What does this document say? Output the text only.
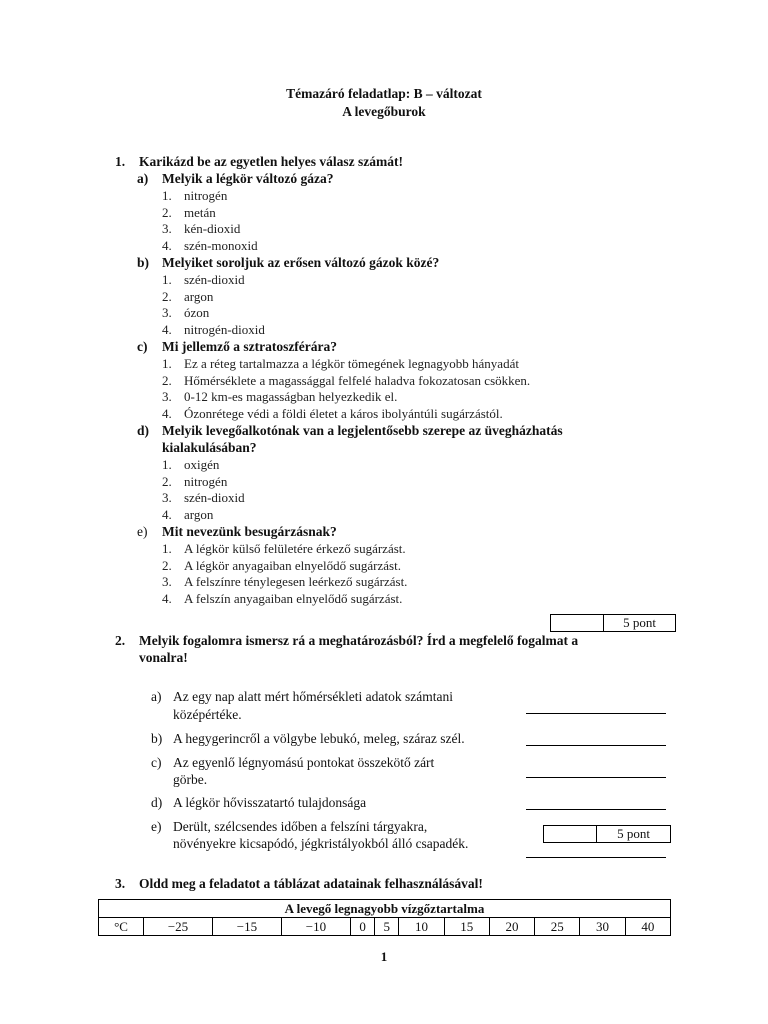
Témazáró feladatlap: B – változat
A levegőburok
1. Karikázd be az egyetlen helyes válasz számát!
a) Melyik a légkör változó gáza?
1. nitrogén
2. metán
3. kén-dioxid
4. szén-monoxid
b) Melyiket soroljuk az erősen változó gázok közé?
1. szén-dioxid
2. argon
3. ózon
4. nitrogén-dioxid
c) Mi jellemző a sztratoszférára?
1. Ez a réteg tartalmazza a légkör tömegének legnagyobb hányadát
2. Hőmérséklete a magassággal felfelé haladva fokozatosan csökken.
3. 0-12 km-es magasságban helyezkedik el.
4. Ózonrétege védi a földi életet a káros ibolyántúli sugárzástól.
d) Melyik levegőalkotónak van a legjelentősebb szerepe az üvegházhatás
kialakulásában?
1. oxigén
2. nitrogén
3. szén-dioxid
4. argon
e) Mit nevezünk besugárzásnak?
1. A légkör külső felületére érkező sugárzást.
2. A légkör anyagaiban elnyelődő sugárzást.
3. A felszínre ténylegesen leérkező sugárzást.
4. A felszín anyagaiban elnyelődő sugárzást.
5 pont
2. Melyik fogalomra ismersz rá a meghatározásból? Írd a megfelelő fogalmat a
vonalra!
a) Az egy nap alatt mért hőmérsékleti adatok számtani
középértéke.
b) A hegygerincről a völgybe lebukó, meleg, száraz szél.
c) Az egyenlő légnyomású pontokat összekötő zárt
görbe.
d) A légkör hővisszatartó tulajdonsága
e) Derült, szélcsendes időben a felszíni tárgyakra,
növényekre kicsapódó, jégkristályokból álló csapadék.
5 pont
3. Oldd meg a feladatot a táblázat adatainak felhasználásával!
A levegő legnagyobb vízgőztartalma
°C	−25	−15	−10	0	5	10	15	20	25	30	40
1
